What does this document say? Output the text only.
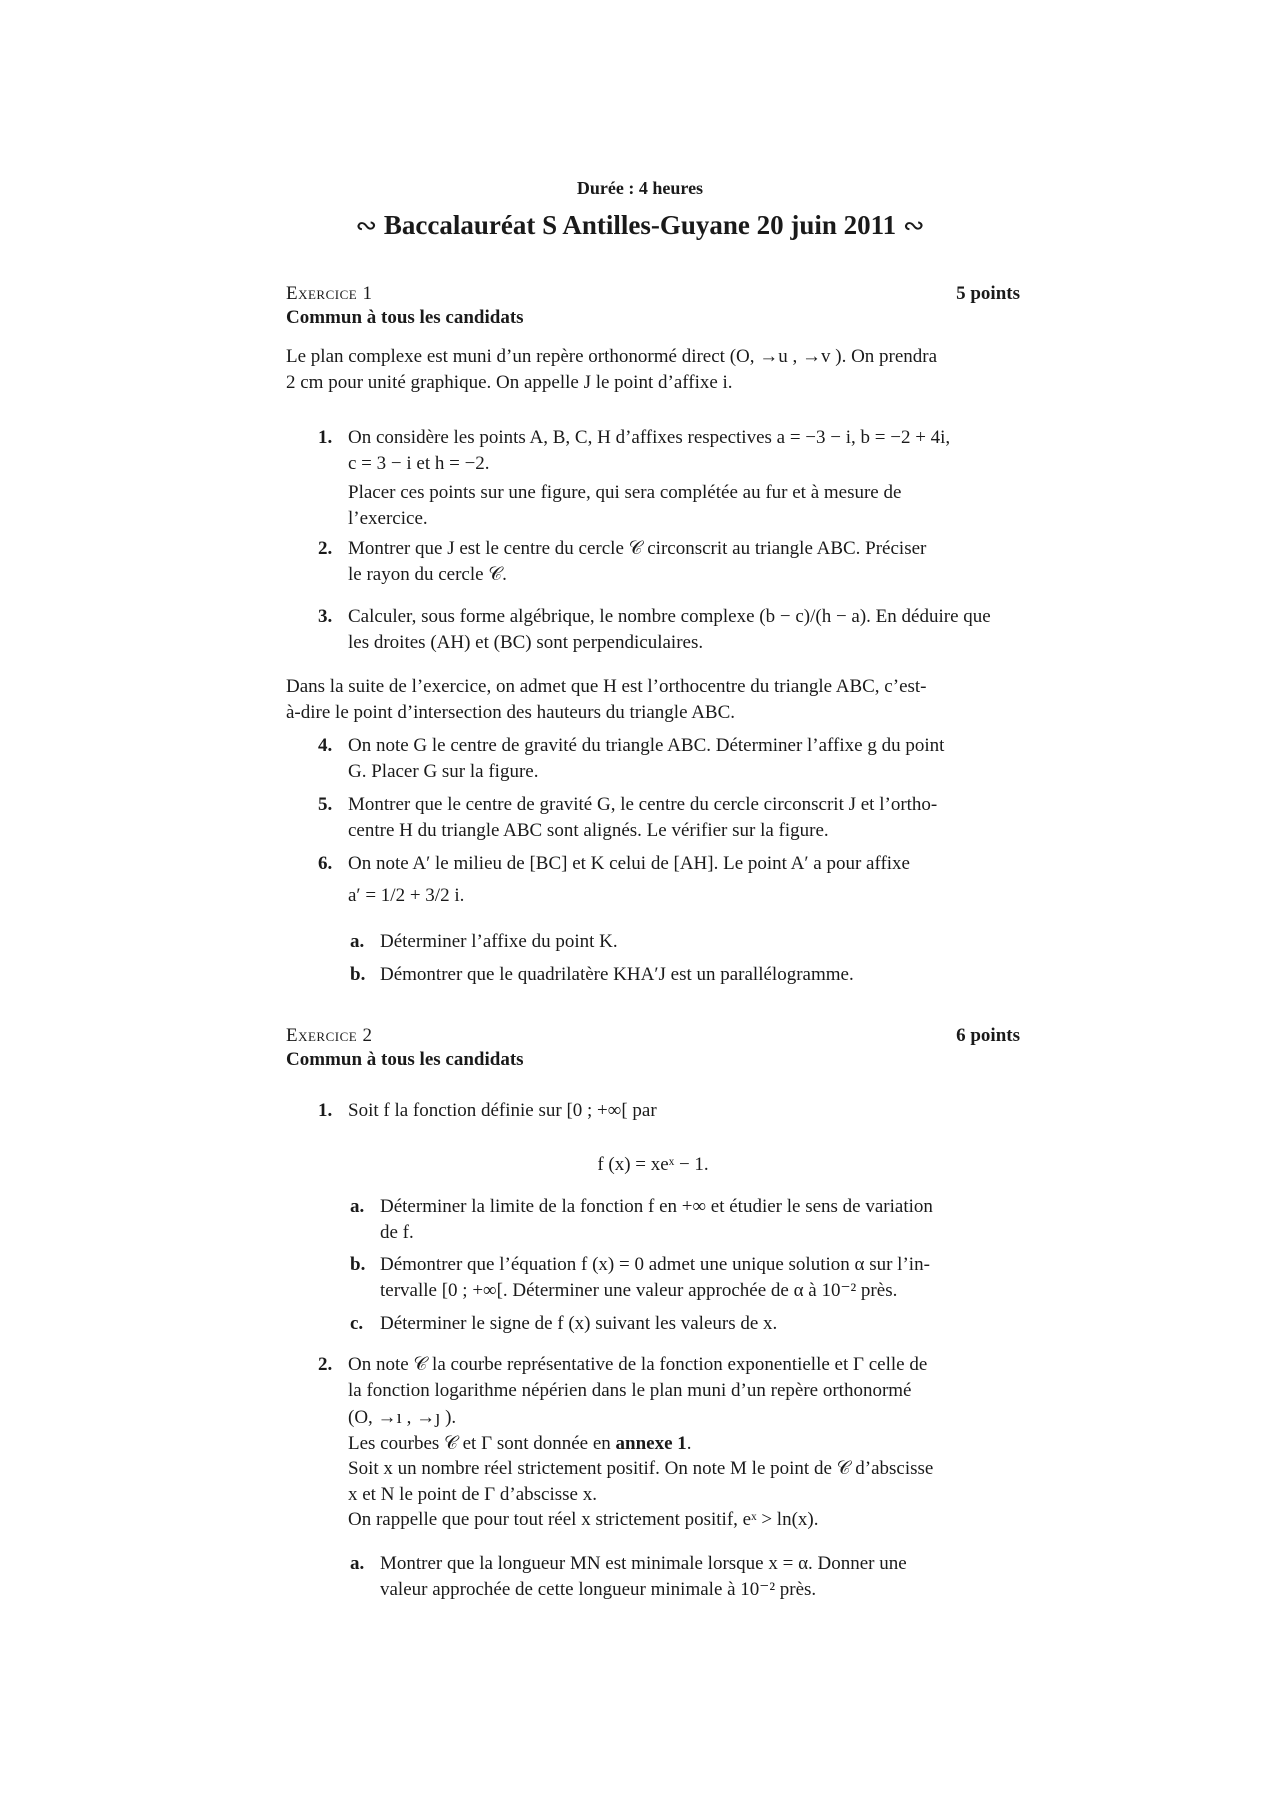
Durée : 4 heures
∾ Baccalauréat S Antilles-Guyane 20 juin 2011 ∾
Exercice 1	5 points
Commun à tous les candidats
Le plan complexe est muni d’un repère orthonormé direct (O, →u , →v ). On prendra
2 cm pour unité graphique. On appelle J le point d’affixe i.
1. On considère les points A, B, C, H d’affixes respectives a = −3 − i, b = −2 + 4i,
c = 3 − i et h = −2.
Placer ces points sur une figure, qui sera complétée au fur et à mesure de
l’exercice.
2. Montrer que J est le centre du cercle 𝒞 circonscrit au triangle ABC. Préciser
le rayon du cercle 𝒞.
3. Calculer, sous forme algébrique, le nombre complexe (b − c)/(h − a). En déduire que
les droites (AH) et (BC) sont perpendiculaires.
Dans la suite de l’exercice, on admet que H est l’orthocentre du triangle ABC, c’est-
à-dire le point d’intersection des hauteurs du triangle ABC.
4. On note G le centre de gravité du triangle ABC. Déterminer l’affixe g du point
G. Placer G sur la figure.
5. Montrer que le centre de gravité G, le centre du cercle circonscrit J et l’ortho-
centre H du triangle ABC sont alignés. Le vérifier sur la figure.
6. On note A′ le milieu de [BC] et K celui de [AH]. Le point A′ a pour affixe
a′ = 1/2 + 3/2 i.
a. Déterminer l’affixe du point K.
b. Démontrer que le quadrilatère KHA′J est un parallélogramme.
Exercice 2	6 points
Commun à tous les candidats
1. Soit f la fonction définie sur [0 ; +∞[ par
f (x) = xeˣ − 1.
a. Déterminer la limite de la fonction f en +∞ et étudier le sens de variation
de f.
b. Démontrer que l’équation f (x) = 0 admet une unique solution α sur l’in-
tervalle [0 ; +∞[. Déterminer une valeur approchée de α à 10⁻² près.
c. Déterminer le signe de f (x) suivant les valeurs de x.
2. On note 𝒞 la courbe représentative de la fonction exponentielle et Γ celle de
la fonction logarithme népérien dans le plan muni d’un repère orthonormé
(O, →ı , →ȷ ).
Les courbes 𝒞 et Γ sont donnée en annexe 1.
Soit x un nombre réel strictement positif. On note M le point de 𝒞 d’abscisse
x et N le point de Γ d’abscisse x.
On rappelle que pour tout réel x strictement positif, eˣ > ln(x).
a. Montrer que la longueur MN est minimale lorsque x = α. Donner une
valeur approchée de cette longueur minimale à 10⁻² près.
